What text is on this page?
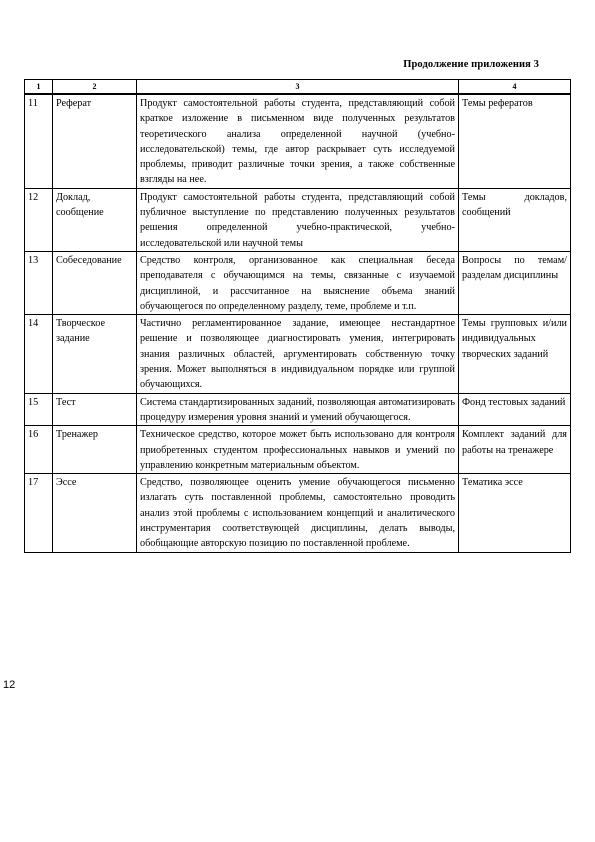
Продолжение приложения 3
1	2	3	4
11	Реферат	Продукт самостоятельной работы студента, представляющий собой краткое изложение в письменном виде полученных результатов теоретического анализа определенной научной (учебно-исследовательской) темы, где автор раскрывает суть исследуемой проблемы, приводит различные точки зрения, а также собственные взгляды на нее.	Темы рефератов
12	Доклад, сообщение	Продукт самостоятельной работы студента, представляющий собой публичное выступление по представлению полученных результатов решения определенной учебно-практической, учебно-исследовательской или научной темы	Темы докладов, сообщений
13	Собеседование	Средство контроля, организованное как специальная беседа преподавателя с обучающимся на темы, связанные с изучаемой дисциплиной, и рассчитанное на выяснение объема знаний обучающегося по определенному разделу, теме, проблеме и т.п.	Вопросы по темам/разделам дисциплины
14	Творческое задание	Частично регламентированное задание, имеющее нестандартное решение и позволяющее диагностировать умения, интегрировать знания различных областей, аргументировать собственную точку зрения. Может выполняться в индивидуальном порядке или группой обучающихся.	Темы групповых и/или индивидуальных творческих заданий
15	Тест	Система стандартизированных заданий, позволяющая автоматизировать процедуру измерения уровня знаний и умений обучающегося.	Фонд тестовых заданий
16	Тренажер	Техническое средство, которое может быть использовано для контроля приобретенных студентом профессиональных навыков и умений по управлению конкретным материальным объектом.	Комплект заданий для работы на тренажере
17	Эссе	Средство, позволяющее оценить умение обучающегося письменно излагать суть поставленной проблемы, самостоятельно проводить анализ этой проблемы с использованием концепций и аналитического инструментария соответствующей дисциплины, делать выводы, обобщающие авторскую позицию по поставленной проблеме.	Тематика эссе
12
